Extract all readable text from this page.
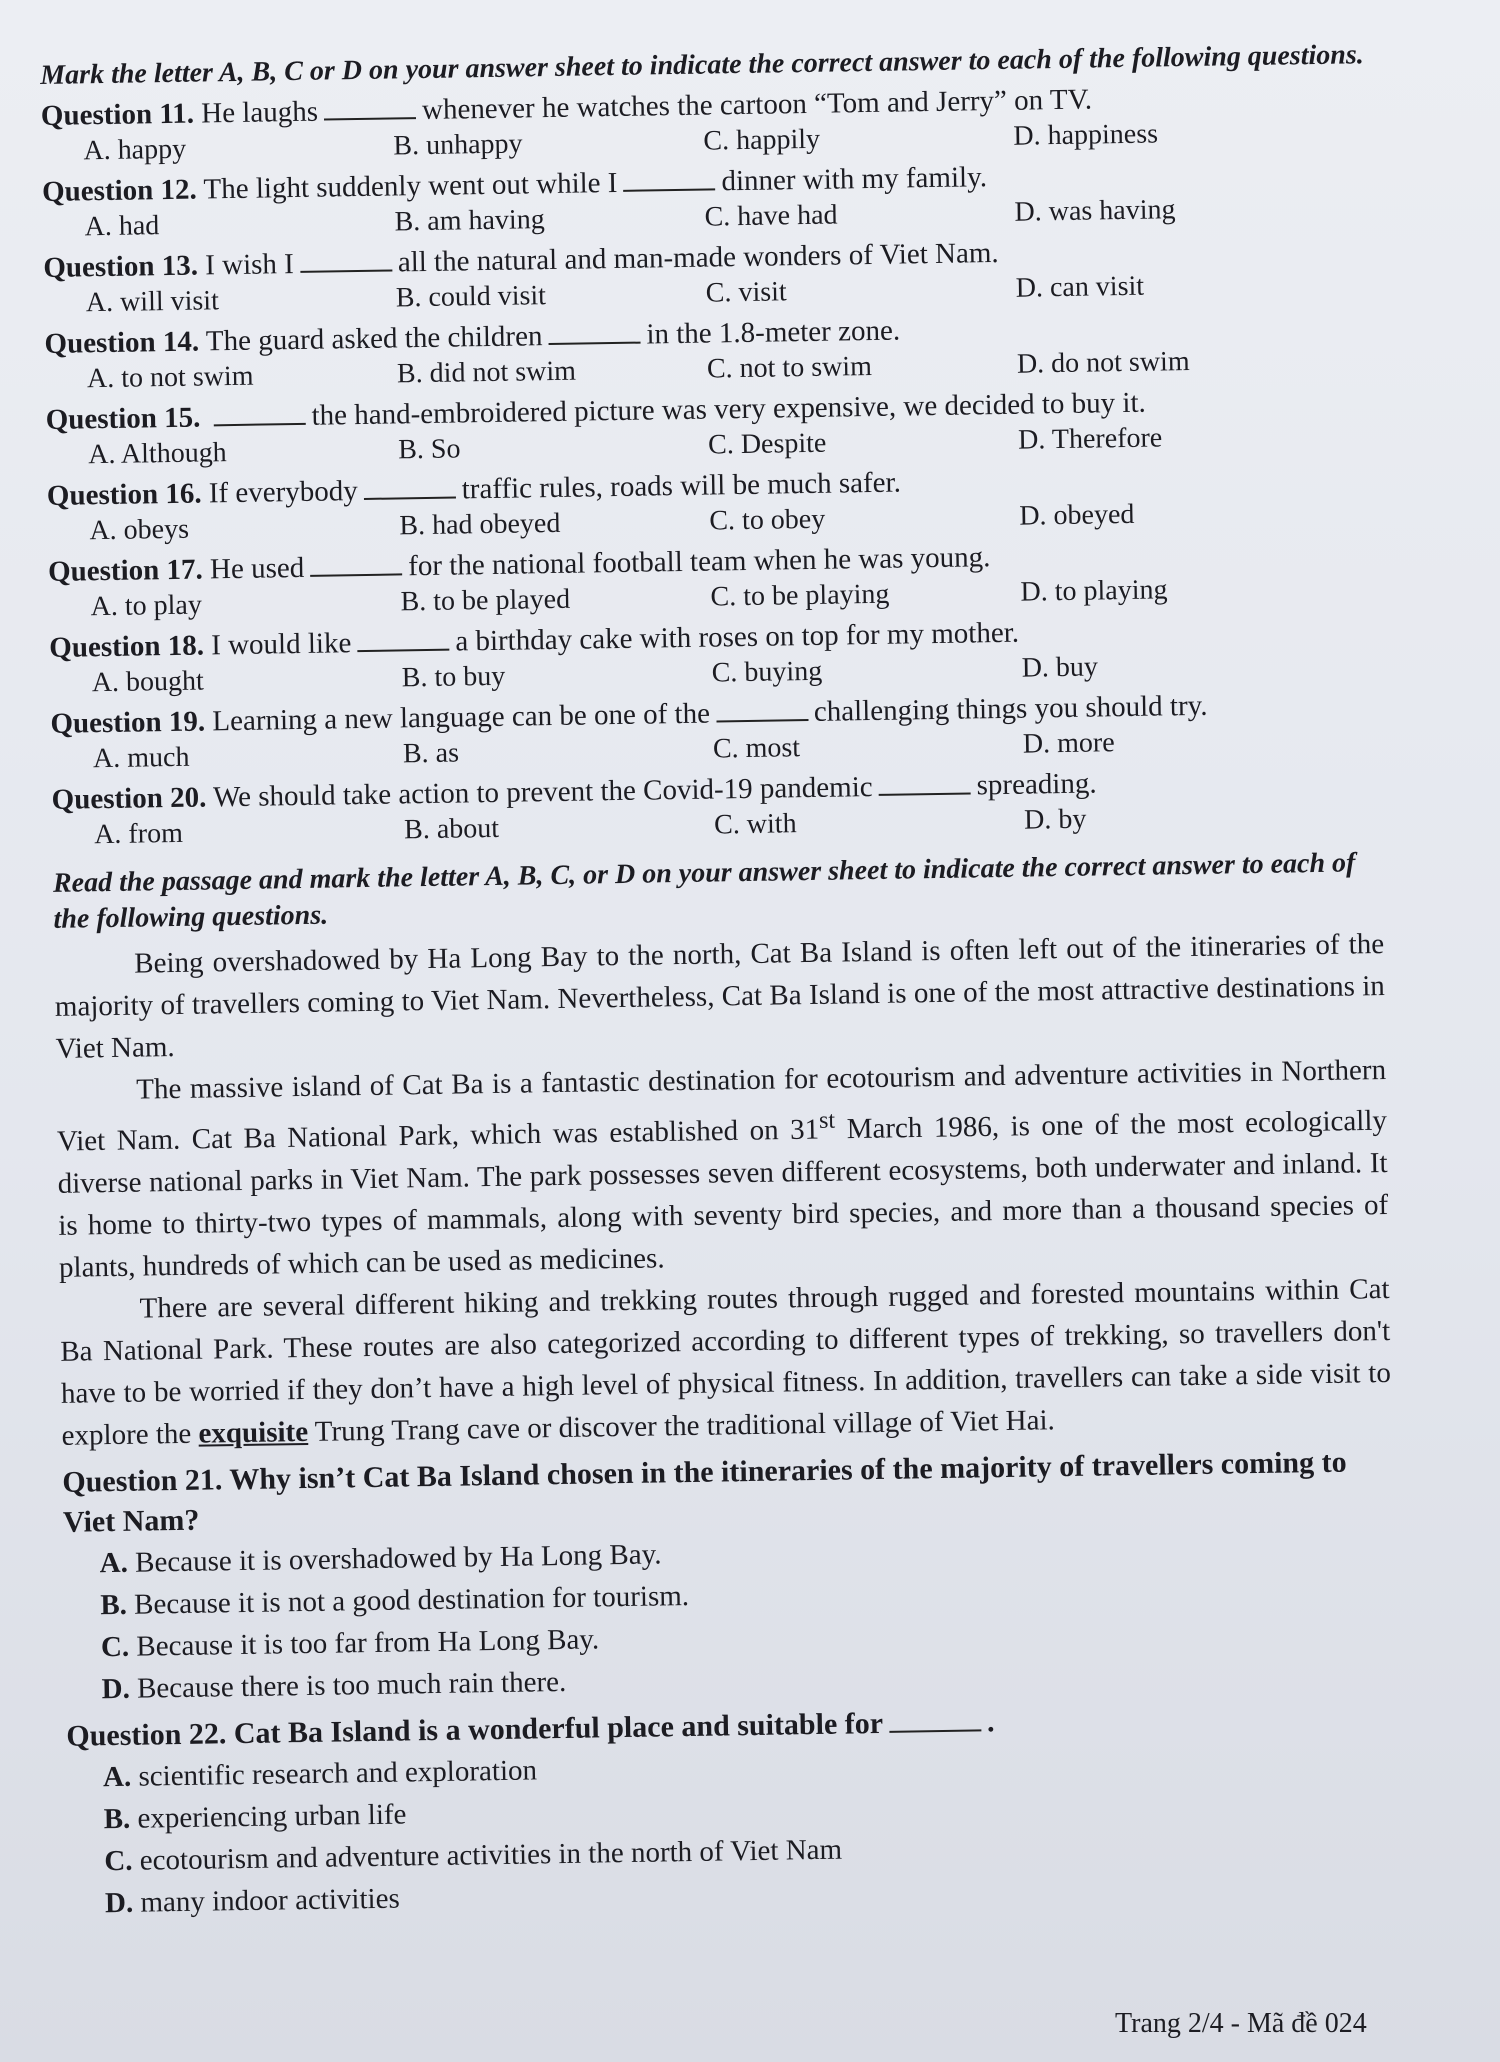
Mark the letter A, B, C or D on your answer sheet to indicate the correct answer to each of the following questions.
Question 11. He laughs	whenever he watches the cartoon “Tom and Jerry” on TV.
A. happy	B. unhappy	C. happily	D. happiness
Question 12. The light suddenly went out while I	dinner with my family.
A. had	B. am having	C. have had	D. was having
Question 13. I wish I	all the natural and man-made wonders of Viet Nam.
A. will visit	B. could visit	C. visit	D. can visit
Question 14. The guard asked the children	in the 1.8-meter zone.
A. to not swim	B. did not swim	C. not to swim	D. do not swim
Question 15.	the hand-embroidered picture was very expensive, we decided to buy it.
A. Although	B. So	C. Despite	D. Therefore
Question 16. If everybody	traffic rules, roads will be much safer.
A. obeys	B. had obeyed	C. to obey	D. obeyed
Question 17. He used	for the national football team when he was young.
A. to play	B. to be played	C. to be playing	D. to playing
Question 18. I would like	a birthday cake with roses on top for my mother.
A. bought	B. to buy	C. buying	D. buy
Question 19. Learning a new language can be one of the	challenging things you should try.
A. much	B. as	C. most	D. more
Question 20. We should take action to prevent the Covid-19 pandemic	spreading.
A. from	B. about	C. with	D. by
Read the passage and mark the letter A, B, C, or D on your answer sheet to indicate the correct answer to each of the following questions.

Being overshadowed by Ha Long Bay to the north, Cat Ba Island is often left out of the itineraries of the majority of travellers coming to Viet Nam. Nevertheless, Cat Ba Island is one of the most attractive destinations in Viet Nam.

The massive island of Cat Ba is a fantastic destination for ecotourism and adventure activities in Northern Viet Nam. Cat Ba National Park, which was established on 31st March 1986, is one of the most ecologically diverse national parks in Viet Nam. The park possesses seven different ecosystems, both underwater and inland. It is home to thirty-two types of mammals, along with seventy bird species, and more than a thousand species of plants, hundreds of which can be used as medicines.

There are several different hiking and trekking routes through rugged and forested mountains within Cat Ba National Park. These routes are also categorized according to different types of trekking, so travellers don't have to be worried if they don’t have a high level of physical fitness. In addition, travellers can take a side visit to explore the exquisite Trung Trang cave or discover the traditional village of Viet Hai.

Question 21. Why isn’t Cat Ba Island chosen in the itineraries of the majority of travellers coming to Viet Nam?
A. Because it is overshadowed by Ha Long Bay.
B. Because it is not a good destination for tourism.
C. Because it is too far from Ha Long Bay.
D. Because there is too much rain there.
Question 22. Cat Ba Island is a wonderful place and suitable for	.
A. scientific research and exploration
B. experiencing urban life
C. ecotourism and adventure activities in the north of Viet Nam
D. many indoor activities
Trang 2/4 - Mã đề 024
